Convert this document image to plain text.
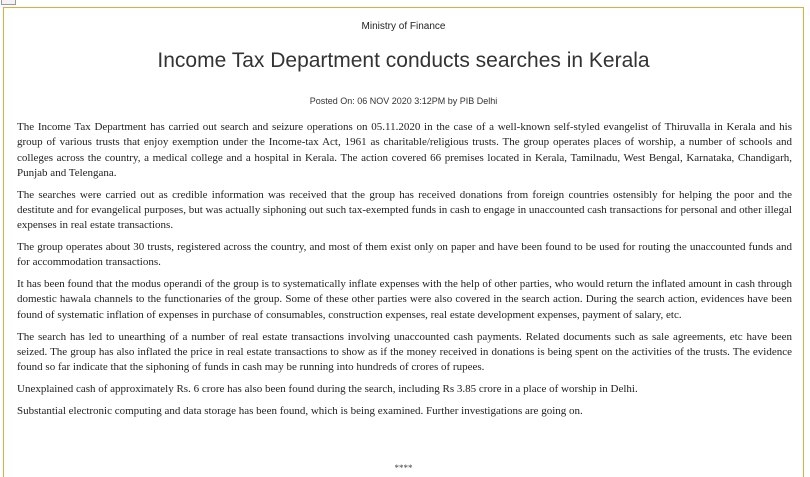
Ministry of Finance
Income Tax Department conducts searches in Kerala
Posted On: 06 NOV 2020 3:12PM by PIB Delhi

The Income Tax Department has carried out search and seizure operations on 05.11.2020 in the case of a well-known self-styled evangelist of Thiruvalla in Kerala and his group of various trusts that enjoy exemption under the Income-tax Act, 1961 as charitable/religious trusts. The group operates places of worship, a number of schools and colleges across the country, a medical college and a hospital in Kerala. The action covered 66 premises located in Kerala, Tamilnadu, West Bengal, Karnataka, Chandigarh, Punjab and Telengana.

The searches were carried out as credible information was received that the group has received donations from foreign countries ostensibly for helping the poor and the destitute and for evangelical purposes, but was actually siphoning out such tax-exempted funds in cash to engage in unaccounted cash transactions for personal and other illegal expenses in real estate transactions.

The group operates about 30 trusts, registered across the country, and most of them exist only on paper and have been found to be used for routing the unaccounted funds and for accommodation transactions.

It has been found that the modus operandi of the group is to systematically inflate expenses with the help of other parties, who would return the inflated amount in cash through domestic hawala channels to the functionaries of the group. Some of these other parties were also covered in the search action. During the search action, evidences have been found of systematic inflation of expenses in purchase of consumables, construction expenses, real estate development expenses, payment of salary, etc.

The search has led to unearthing of a number of real estate transactions involving unaccounted cash payments. Related documents such as sale agreements, etc have been seized. The group has also inflated the price in real estate transactions to show as if the money received in donations is being spent on the activities of the trusts. The evidence found so far indicate that the siphoning of funds in cash may be running into hundreds of crores of rupees.

Unexplained cash of approximately Rs. 6 crore has also been found during the search, including Rs 3.85 crore in a place of worship in Delhi.

Substantial electronic computing and data storage has been found, which is being examined. Further investigations are going on.

****
